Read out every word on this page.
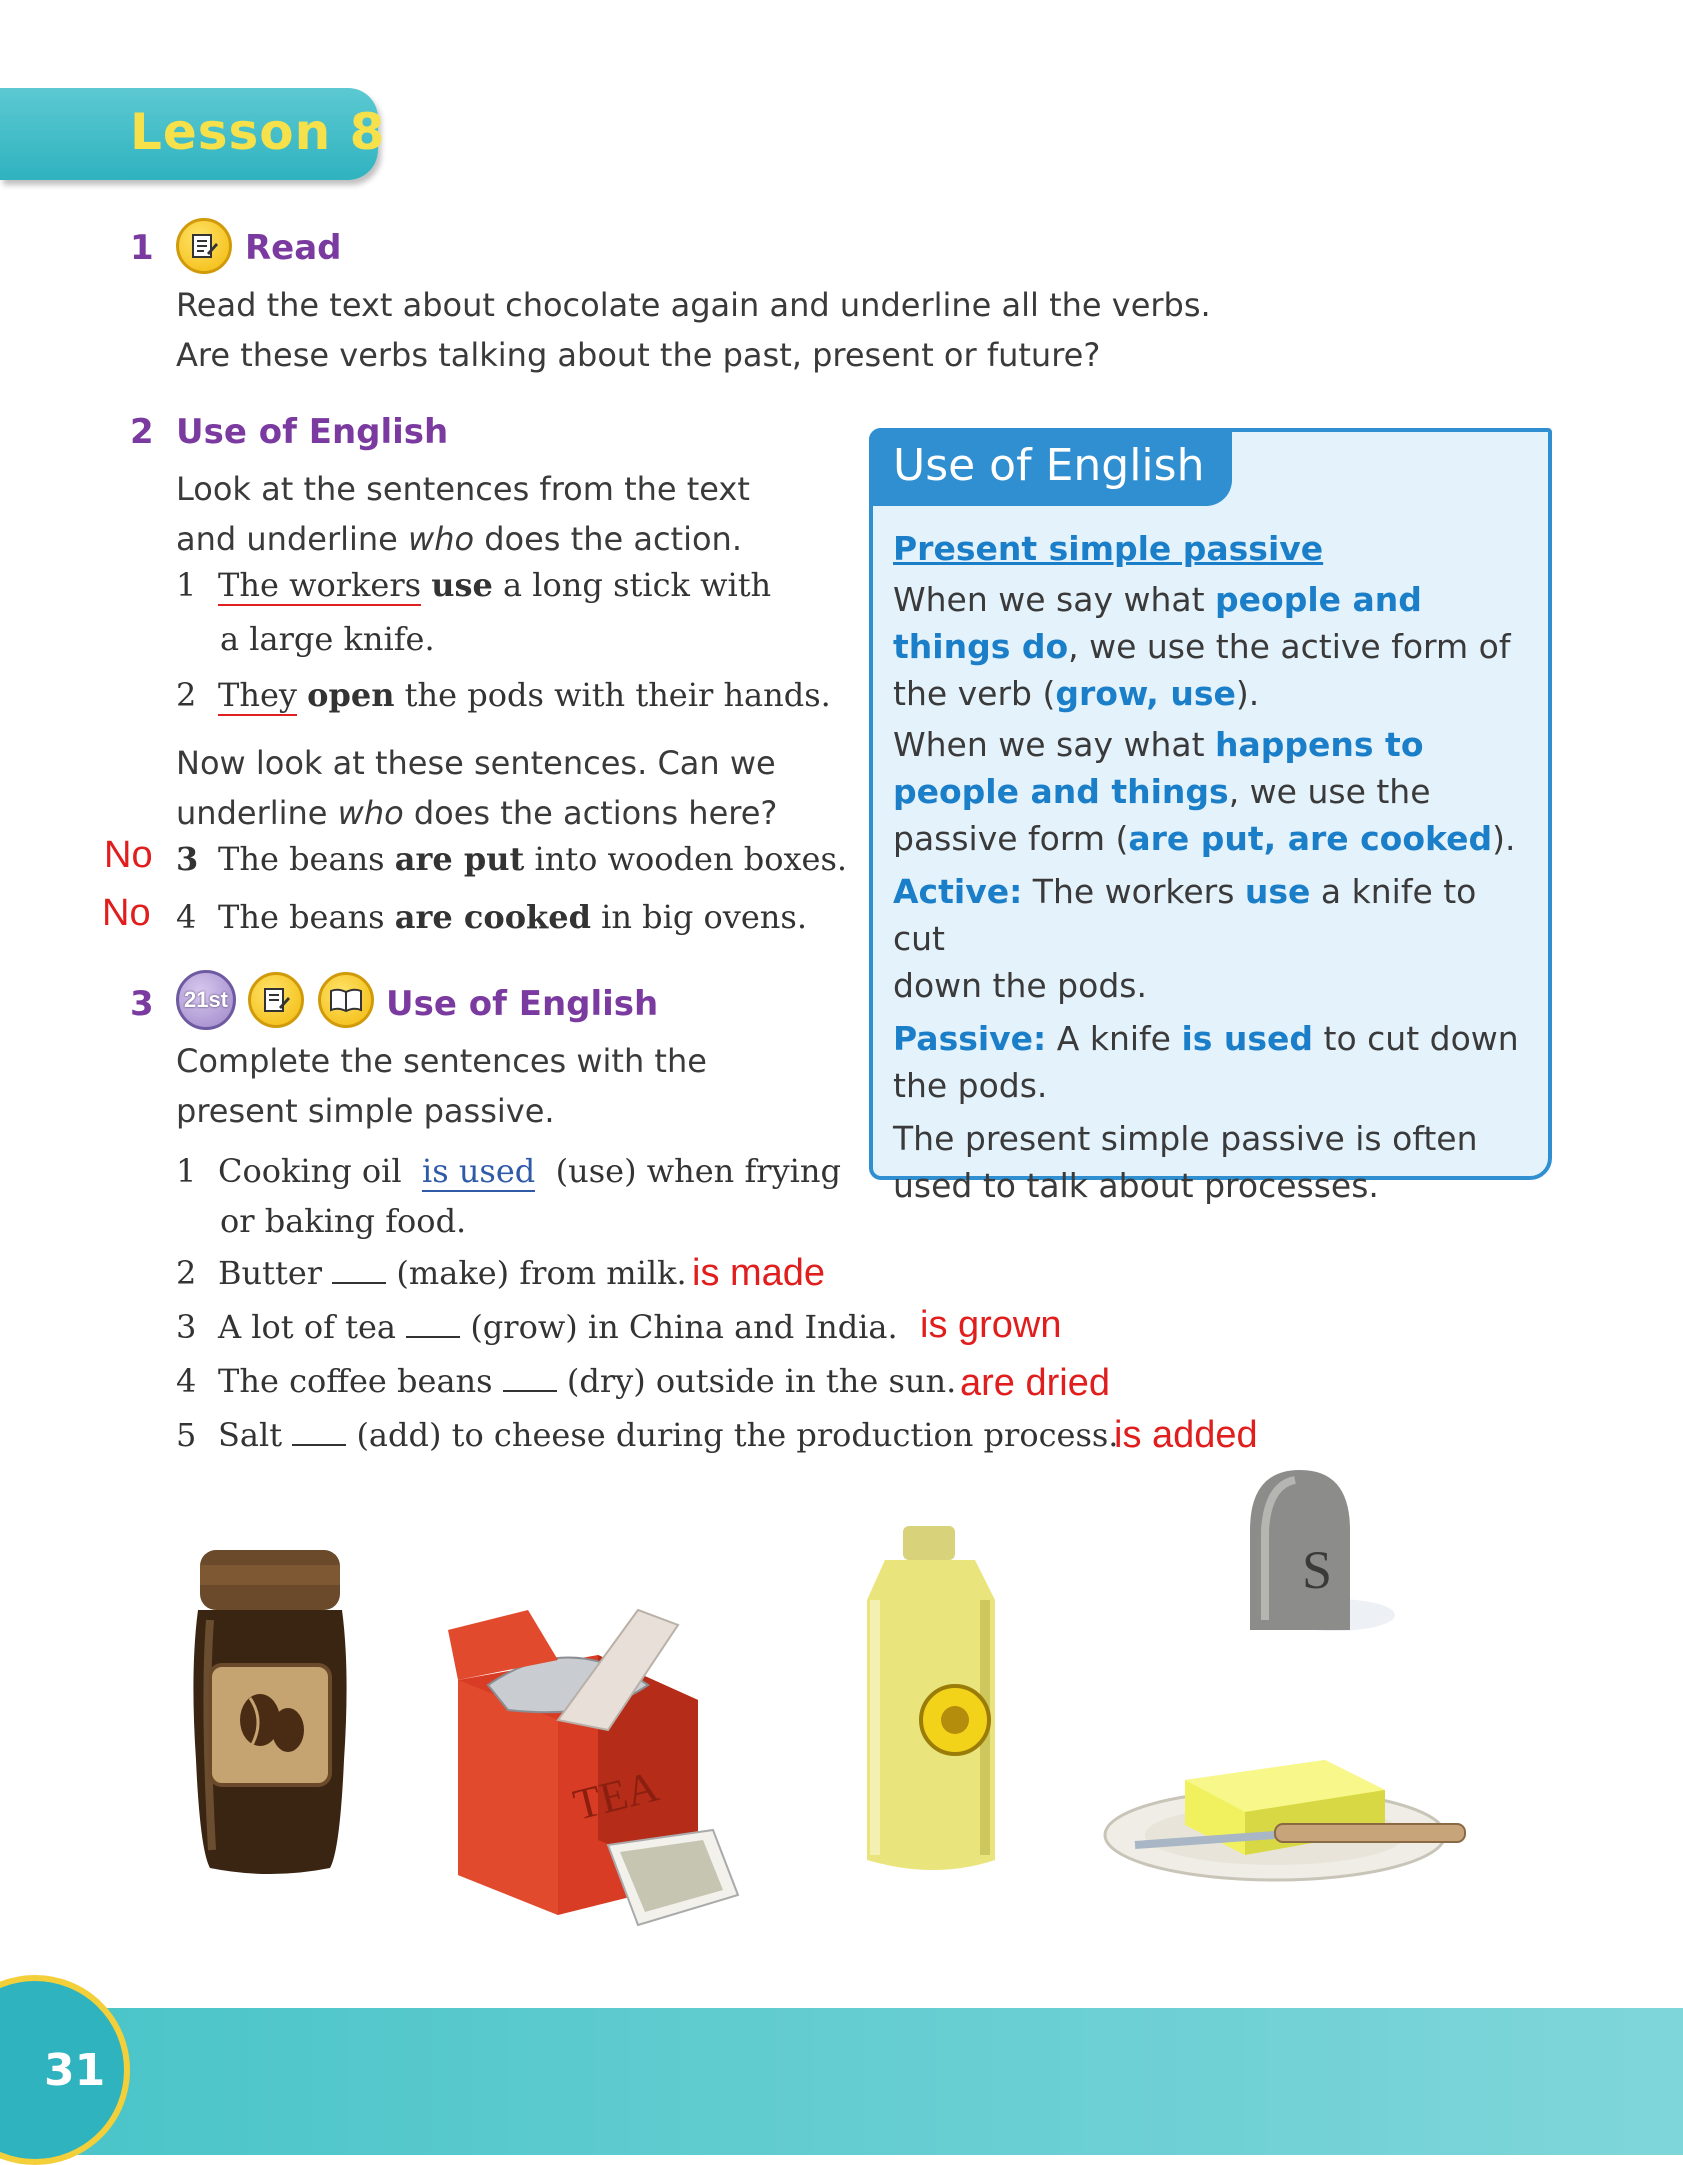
Lesson 8
1	Read
Read the text about chocolate again and underline all the verbs.
Are these verbs talking about the past, present or future?
2 Use of English
Look at the sentences from the text
and underline who does the action.
1 The workers use a long stick with
a large knife.
2 They open the pods with their hands.
Now look at these sentences. Can we
underline who does the actions here?
No 3 The beans are put into wooden boxes.
No 4 The beans are cooked in big ovens.
3	21st	Use of English
Complete the sentences with the
present simple passive.
1 Cooking oil is used (use) when frying
or baking food.
2 Butter (make) from milk. is made
3 A lot of tea (grow) in China and India. is grown
4 The coffee beans (dry) outside in the sun. are dried
5 Salt (add) to cheese during the production process.
is added
Use of English
Present simple passive
When we say what people and
things do, we use the active form of
the verb (grow, use).
When we say what happens to
people and things, we use the
passive form (are put, are cooked).
Active: The workers use a knife to cut
down the pods.
Passive: A knife is used to cut down
the pods.
The present simple passive is often
used to talk about processes.
TEA
S
31
